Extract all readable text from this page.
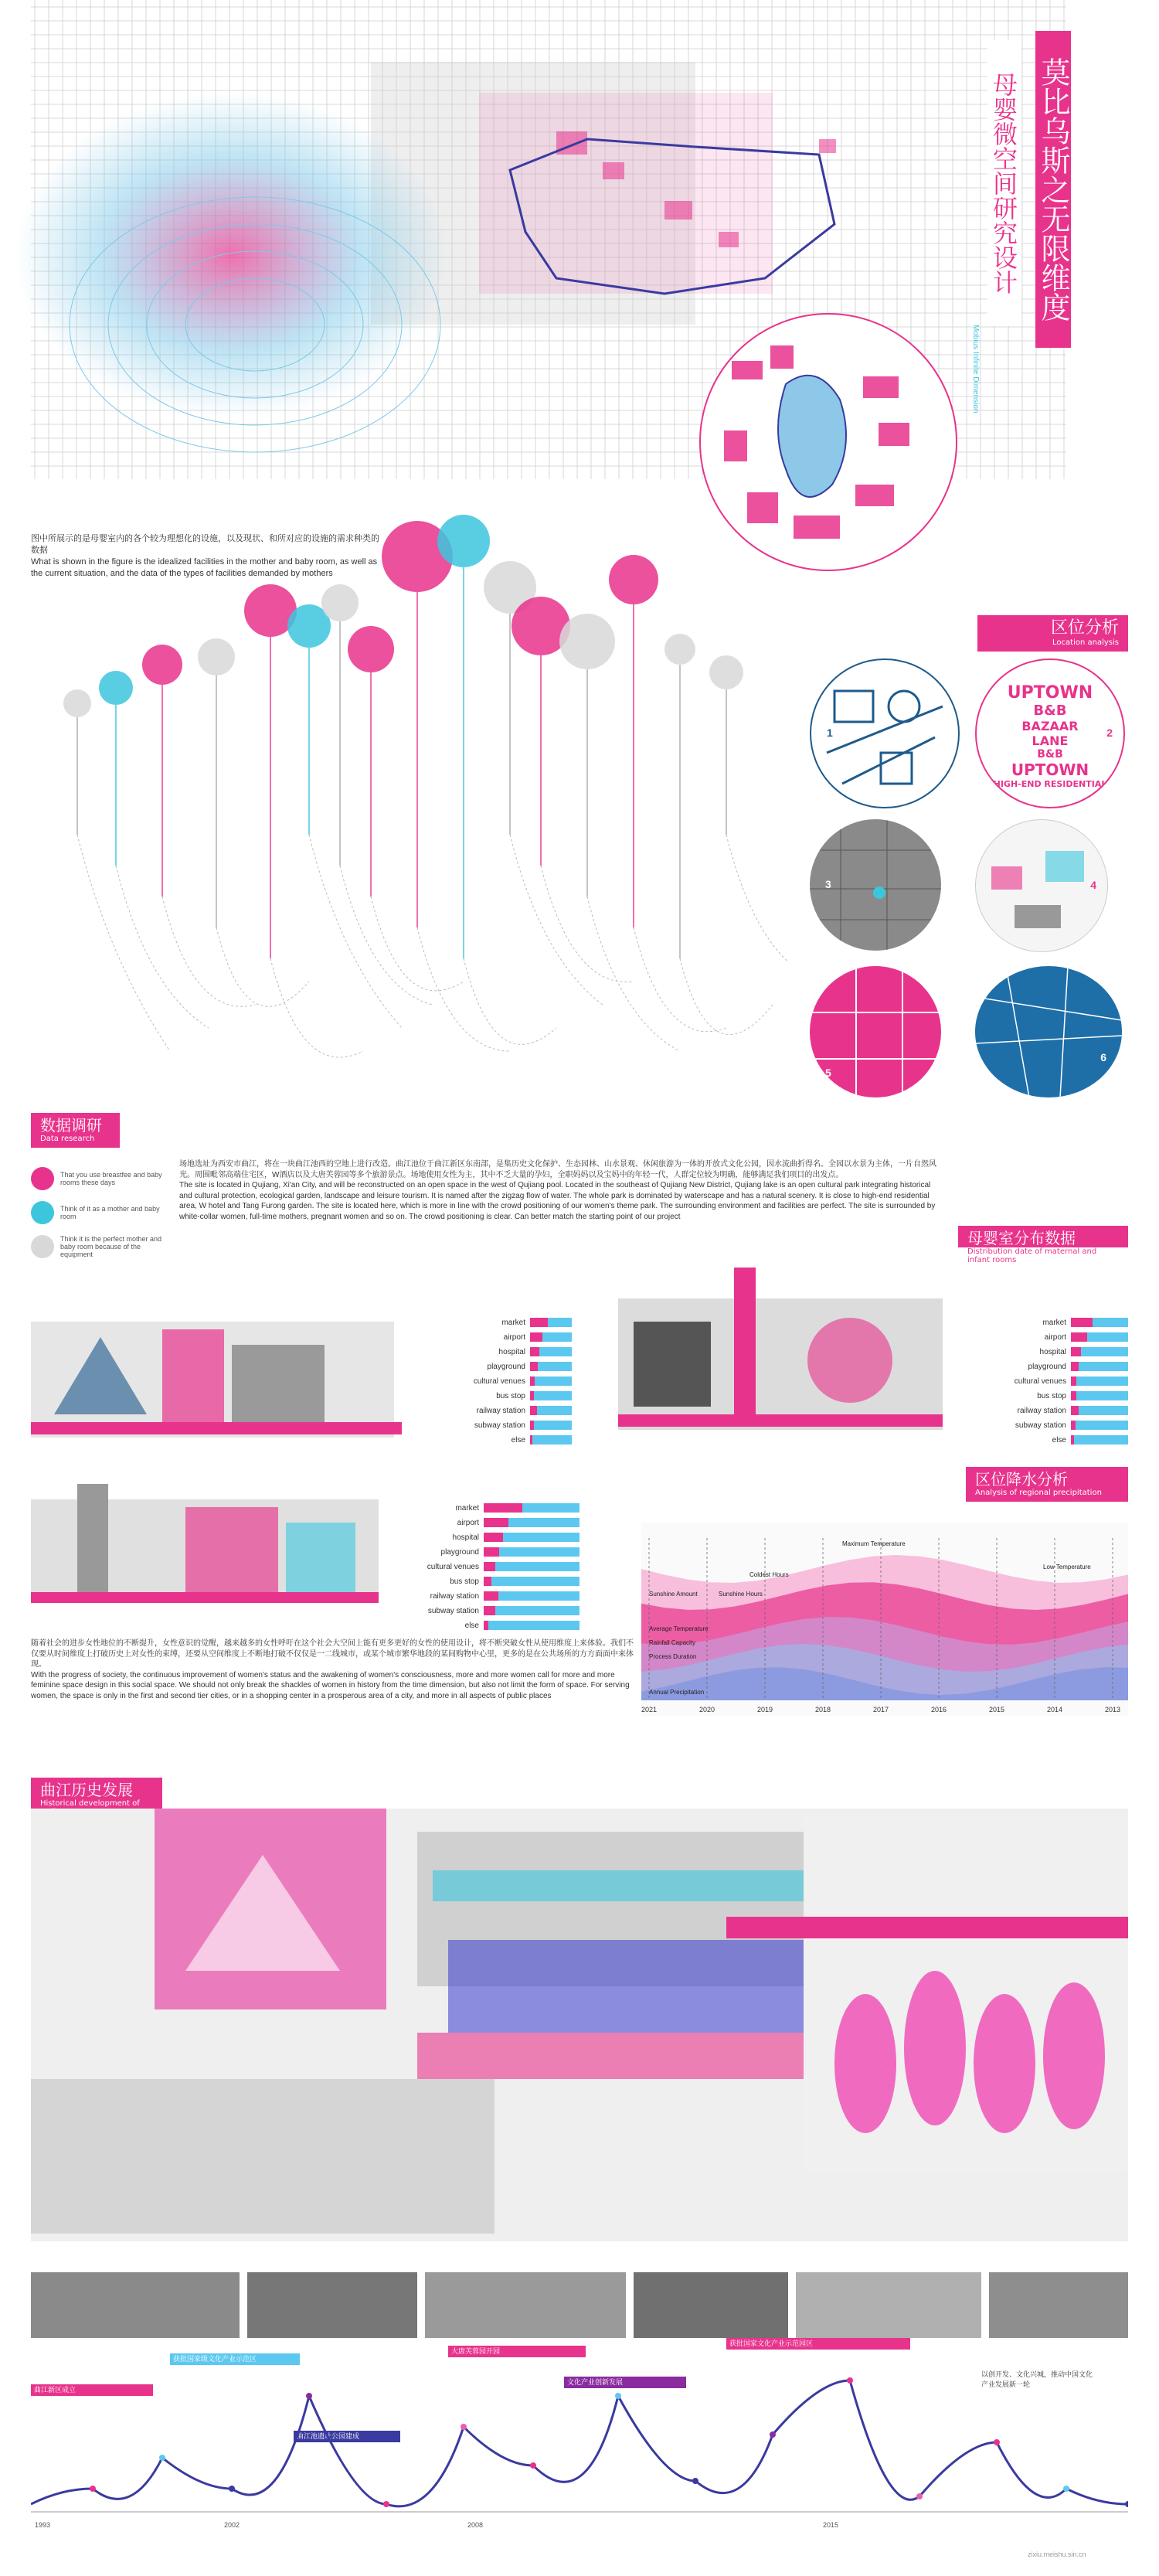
莫比乌斯之无限维度
母婴微空间研究设计
Mobius Infinite Dimension
图中所展示的是母婴室内的各个较为理想化的设施，以及现状、和所对应的设施的需求种类的数据
What is shown in the figure is the idealized facilities in the mother and baby room, as well as the current situation, and the data of the types of facilities demanded by mothers
区位分析
Location analysis
1
UPTOWN
B&B
BAZAAR
LANE
B&B
UPTOWN
HIGH-END RESIDENTIAL
2
3	4
5
6
数据调研
Data research
That you use breastfee and baby rooms these days
Think of it as a mother and baby room
Think it is the perfect mother and baby room because of the equipment
场地选址为西安市曲江，将在一块曲江池西的空地上进行改造。曲江池位于曲江新区东南部，是集历史文化保护、生态园林、山水景观、休闲旅游为一体的开放式文化公园，因水流曲折得名。全园以水景为主体，一片自然风光。周围毗邻高端住宅区，W酒店以及大唐芙蓉园等多个旅游景点。场地使用女性为主，其中不乏大量的孕妇，全职妈妈以及宝妈中的年轻一代，人群定位较为明确，能够满足我们项目的出发点。
The site is located in Qujiang, Xi'an City, and will be reconstructed on an open space in the west of Qujiang pool. Located in the southeast of Qujiang New District, Qujiang lake is an open cultural park integrating historical and cultural protection, ecological garden, landscape and leisure tourism. It is named after the zigzag flow of water. The whole park is dominated by waterscape and has a natural scenery. It is close to high-end residential area, W hotel and Tang Furong garden. The site is located here, which is more in line with the crowd positioning of our women's theme park. The surrounding environment and facilities are perfect. The site is surrounded by white-collar women, full-time mothers, pregnant women and so on. The crowd positioning is clear. Can better match the starting point of our project
母婴室分布数据
Distribution date of maternal and infant rooms
market
airport
hospital
playground
cultural venues
bus stop
railway station
subway station
else
market
airport
hospital
playground
cultural venues
bus stop
railway station
subway station
else
market
airport
hospital
playground
cultural venues
bus stop
railway station
subway station
else
区位降水分析
Analysis of regional precipitation
2021	2020	2019	2018	2017	2016	2015	2014	2013
Maximum Temperature
Coldest Hours
Sunshine Amount	Sunshine Hours
Average Temperature
Rainfall Capacity
Process Duration
Annual Precipitation
Low Temperature
随着社会的进步女性地位的不断提升，女性意识的觉醒，越来越多的女性呼吁在这个社会大空间上能有更多更好的女性的使用设计，将不断突破女性从使用维度上来体验。我们不仅要从时间维度上打破历史上对女性的束缚，还要从空间维度上不断地打破不仅仅是一二线城市，或某个城市繁华地段的某间购物中心里，更多的是在公共场所的方方面面中来体现。
With the progress of society, the continuous improvement of women's status and the awakening of women's consciousness, more and more women call for more and more feminine space design in this social space. We should not only break the shackles of women in history from the time dimension, but also not limit the form of space. For serving women, the space is only in the first and second tier cities, or in a shopping center in a prosperous area of a city, and more in all aspects of public places
曲江历史发展
Historical development of
曲江新区成立
获批国家级文化产业示范区
曲江池遗址公园建成
大唐芙蓉园开园
文化产业创新发展
获批国家文化产业示范园区
以创开发、文化兴城，推动中国文化产业发展新一轮
1993	2002	2008	2015
zixiu.meishu.sin.cn
